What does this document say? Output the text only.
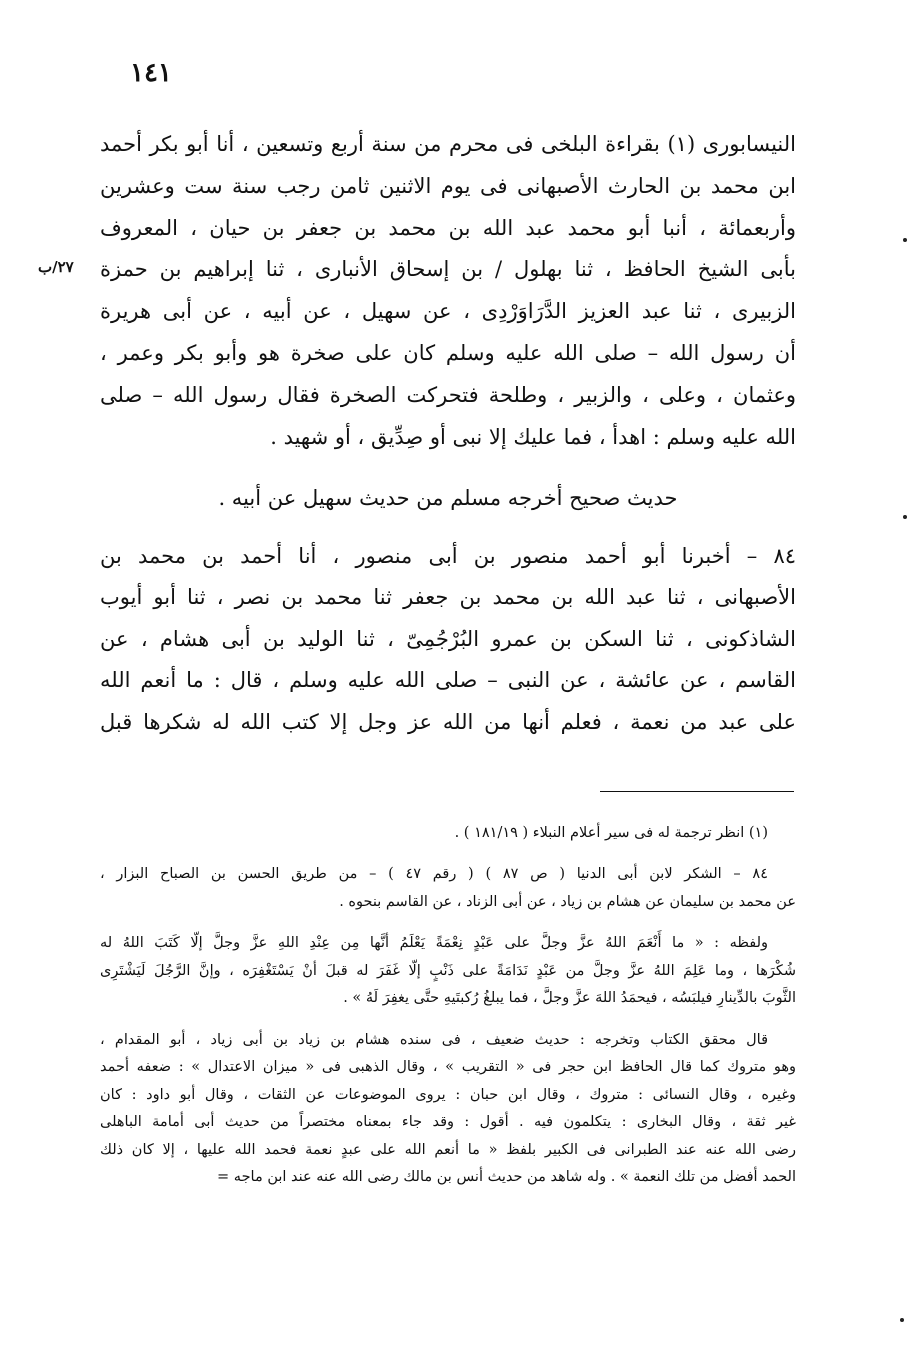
١٤١
٢٧/ب
النيسابورى (١) بقراءة البلخى فى محرم من سنة أربع وتسعين ، أنا أبو بكر أحمد
ابن محمد بن الحارث الأصبهانى فى يوم الاثنين ثامن رجب سنة ست وعشرين
وأربعمائة ، أنبا أبو محمد عبد الله بن محمد بن جعفر بن حيان ، المعروف
بأبى الشيخ الحافظ ، ثنا بهلول / بن إسحاق الأنبارى ، ثنا إبراهيم بن حمزة
الزبيرى ، ثنا عبد العزيز الدَّرَاوَرْدِى ، عن سهيل ، عن أبيه ، عن أبى هريرة
أن رسول الله – صلى الله عليه وسلم كان على صخرة هو وأبو بكر وعمر ،
وعثمان ، وعلى ، والزبير ، وطلحة فتحركت الصخرة فقال رسول الله – صلى
الله عليه وسلم : اهدأ ، فما عليك إلا نبى أو صِدِّيق ، أو شهيد .
حديث صحيح أخرجه مسلم من حديث سهيل عن أبيه .
٨٤ – أخبرنا أبو أحمد منصور بن أبى منصور ، أنا أحمد بن محمد بن
الأصبهانى ، ثنا عبد الله بن محمد بن جعفر ثنا محمد بن نصر ، ثنا أبو أيوب
الشاذكونى ، ثنا السكن بن عمرو البُرْجُمِىّ ، ثنا الوليد بن أبى هشام ، عن
القاسم ، عن عائشة ، عن النبى – صلى الله عليه وسلم ، قال : ما أنعم الله
على عبد من نعمة ، فعلم أنها من الله عز وجل إلا كتب الله له شكرها قبل
(١) انظر ترجمة له فى سير أعلام النبلاء ( ١٨١/١٩ ) .
٨٤ – الشكر لابن أبى الدنيا ( ص ٨٧ ) ( رقم ٤٧ ) – من طريق الحسن بن الصباح البزار ،
عن محمد بن سليمان عن هشام بن زياد ، عن أبى الزناد ، عن القاسم بنحوه .
ولفظه : « ما أَنْعَمَ اللهُ عزَّ وجلَّ على عَبْدٍ نِعْمَةً يَعْلَمُ أنَّها مِن عِنْدِ اللهِ عزَّ وجلَّ إلّا كَتَبَ اللهُ له
شُكْرَها ، وما عَلِمَ اللهُ عزَّ وجلَّ من عَبْدٍ نَدَامَةً على ذَنْبٍ إلّا غَفَرَ له قبلَ أنْ يَسْتَغْفِرَه ، وإنَّ الرَّجُلَ لَيَشْتَرِى
الثَّوبَ بالدِّينارِ فيلبَسُه ، فيحمَدُ اللهَ عزَّ وجلَّ ، فما يبلغُ رُكبتَيهِ حتَّى يغفِرَ لَهُ » .
قال محقق الكتاب وتخرجه : حديث ضعيف ، فى سنده هشام بن زياد بن أبى زياد ، أبو المقدام ،
وهو متروك كما قال الحافظ ابن حجر فى « التقريب » ، وقال الذهبى فى « ميزان الاعتدال » : ضعفه أحمد
وغيره ، وقال النسائى : متروك ، وقال ابن حبان : يروى الموضوعات عن الثقات ، وقال أبو داود : كان
غير ثقة ، وقال البخارى : يتكلمون فيه . أقول : وقد جاء بمعناه مختصراً من حديث أبى أمامة الباهلى
رضى الله عنه عند الطبرانى فى الكبير بلفظ « ما أنعم الله على عبدٍ نعمة فحمد الله عليها ، إلا كان ذلك
الحمد أفضل من تلك النعمة » . وله شاهد من حديث أنس بن مالك رضى الله عنه عند ابن ماجه =
